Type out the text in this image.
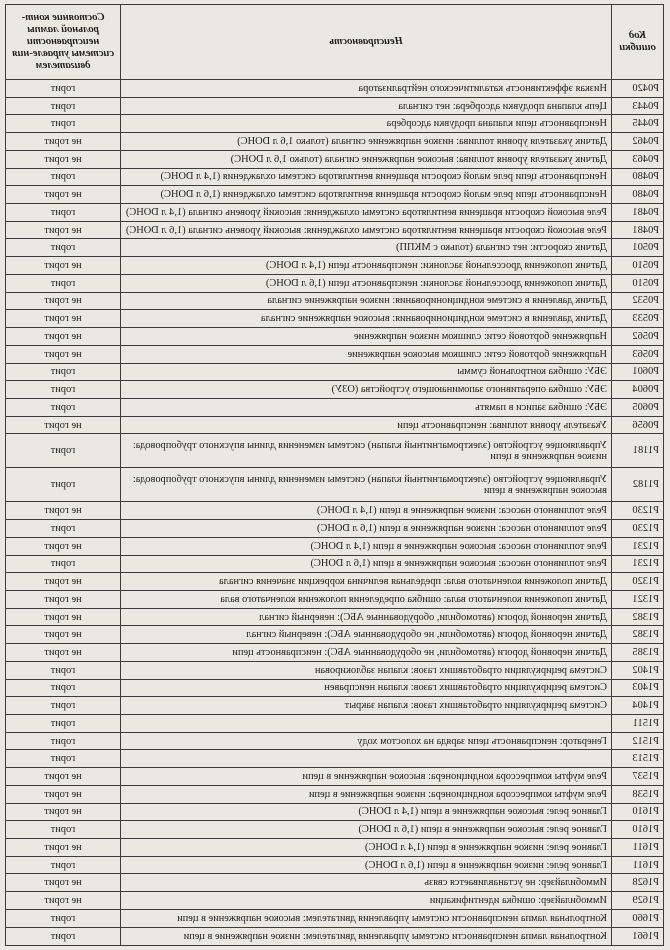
Код ошибки	Неисправность	Состояние конт-рольной лампы неисправности системы управле-ния двигателем
P0420	Низкая эффективность каталитического нейтрализатора	горит
P0443	Цепь клапана продувки адсорбера: нет сигнала	горит
P0445	Неисправность цепи клапана продувки адсорбера	горит
P0462	Датчик указателя уровня топлива: низкое напряжение сигнала (только 1,6 л DOHC)	не горит
P0463	Датчик указателя уровня топлива: высокое напряжение сигнала (только 1,6 л DOHC)	не горит
P0480	Неисправность цепи реле малой скорости вращения вентилятора системы охлаждения (1,4 л DOHC)	горит
P0480	Неисправность цепи реле малой скорости вращения вентилятора системы охлаждения (1,6 л DOHC)	не горит
P0481	Реле высокой скорости вращения вентилятора системы охлаждения: высокий уровень сигнала (1,4 л DOHC)	горит
P0481	Реле высокой скорости вращения вентилятора системы охлаждения: высокий уровень сигнала (1,6 л DOHC)	не горит
P0501	Датчик скорости: нет сигнала (только с МКПП)	горит
P0510	Датчик положения дроссельной заслонки: неисправность цепи (1,4 л DOHC)	не горит
P0510	Датчик положения дроссельной заслонки: неисправность цепи (1,6 л DOHC)	горит
P0532	Датчик давления в системе кондиционирования: низкое напряжение сигнала	не горит
P0533	Датчик давления в системе кондиционирования: высокое напряжение сигнала	не горит
P0562	Напряжение бортовой сети: слишком низкое напряжение	не горит
P0563	Напряжение бортовой сети: слишком высокое напряжение	не горит
P0601	ЭБУ: ошибка контрольной суммы	горит
P0604	ЭБУ: ошибка оперативного запоминающего устройства (ОЗУ)	горит
P0605	ЭБУ: ошибка записи в память	горит
P0656	Указатель уровня топлива: неисправность цепи	не горит
P1181	Управляющее устройство (электромагнитный клапан) системы изменения длины впускного трубопровода: низкое напряжение в цепи	горит
P1182	Управляющее устройство (электромагнитный клапан) системы изменения длины впускного трубопровода: высокое напряжение в цепи	горит
P1230	Реле топливного насоса: низкое напряжение в цепи (1,4 л DOHC)	не горит
P1230	Реле топливного насоса: низкое напряжение в цепи (1,6 л DOHC)	горит
P1231	Реле топливного насоса: высокое напряжение в цепи (1,4 л DOHC)	не горит
P1231	Реле топливного насоса: высокое напряжение в цепи (1,6 л DOHC)	горит
P1320	Датчик положения коленчатого вала: предельная величина коррекции значения сигнала	не горит
P1321	Датчик положения коленчатого вала: ошибка определения положения коленчатого вала	не горит
P1382	Датчик неровной дороги (автомобили, оборудованные АБС): неверный сигнал	не горит
P1382	Датчик неровной дороги (автомобили, не оборудованные АБС): неверный сигнал	не горит
P1385	Датчик неровной дороги (автомобили, не оборудованные АБС): неисправность цепи	не горит
P1402	Система рециркуляции отработавших газов: клапан заблокирован	горит
P1403	Система рециркуляции отработавших газов: клапан неисправен	горит
P1404	Система рециркуляции отработавших газов: клапан закрыт	горит
P1511		горит
P1512	Генератор: неисправность цепи заряда на холостом ходу	горит
P1513		горит
P1537	Реле муфты компрессора кондиционера: высокое напряжение в цепи	не горит
P1538	Реле муфты компрессора кондиционера: низкое напряжение в цепи	не горит
P1610	Главное реле: высокое напряжение в цепи (1,4 л DOHC)	не горит
P1610	Главное реле: высокое напряжение в цепи (1,6 л DOHC)	горит
P1611	Главное реле: низкое напряжение в цепи (1,4 л DOHC)	не горит
P1611	Главное реле: низкое напряжение в цепи (1,6 л DOHC)	горит
P1628	Иммобилайзер: не устанавливается связь	не горит
P1629	Иммобилайзер: ошибка идентификации	не горит
P1660	Контрольная лампа неисправности системы управления двигателем: высокое напряжение в цепи	горит
P1661	Контрольная лампа неисправности системы управления двигателем: низкое напряжение в цепи	горит
